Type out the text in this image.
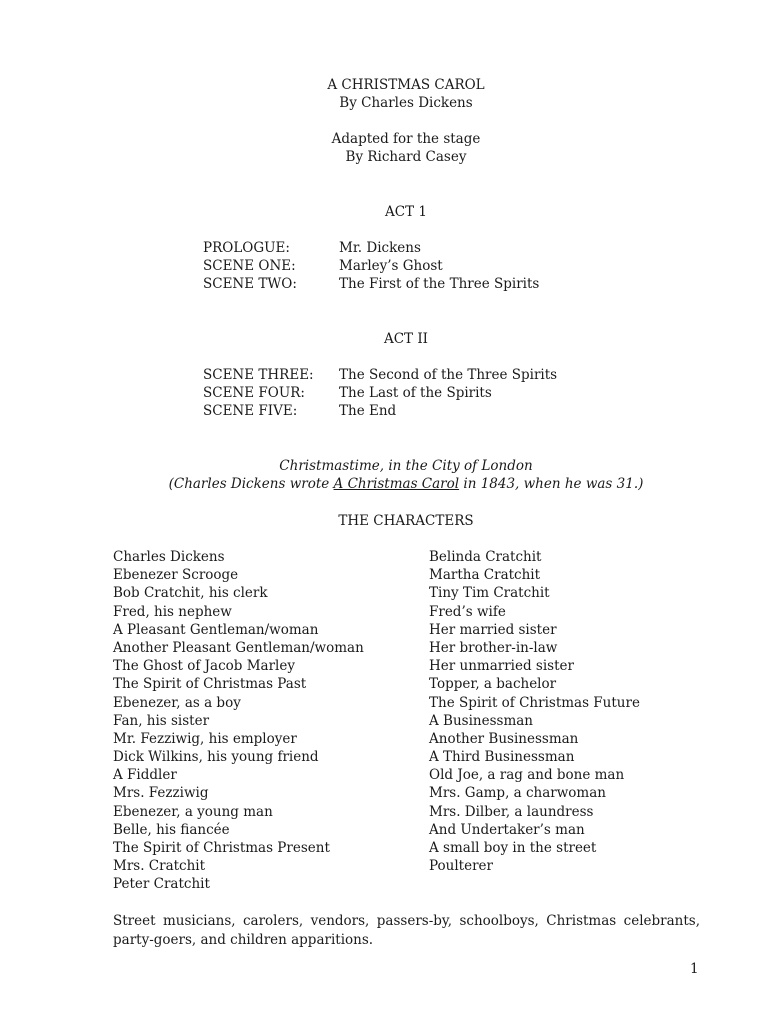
A CHRISTMAS CAROL
By Charles Dickens
Adapted for the stage
By Richard Casey
ACT 1
PROLOGUE:	Mr. Dickens
SCENE ONE:	Marley’s Ghost
SCENE TWO:	The First of the Three Spirits
ACT II
SCENE THREE: The Second of the Three Spirits
SCENE FOUR:	The Last of the Spirits
SCENE FIVE:	The End
Christmastime, in the City of London
(Charles Dickens wrote A Christmas Carol in 1843, when he was 31.)
THE CHARACTERS
Charles Dickens
Ebenezer Scrooge
Bob Cratchit, his clerk
Fred, his nephew
A Pleasant Gentleman/woman
Another Pleasant Gentleman/woman
The Ghost of Jacob Marley
The Spirit of Christmas Past
Ebenezer, as a boy
Fan, his sister
Mr. Fezziwig, his employer
Dick Wilkins, his young friend
A Fiddler
Mrs. Fezziwig
Ebenezer, a young man
Belle, his fiancée
The Spirit of Christmas Present
Mrs. Cratchit
Peter Cratchit
Belinda Cratchit
Martha Cratchit
Tiny Tim Cratchit
Fred’s wife
Her married sister
Her brother-in-law
Her unmarried sister
Topper, a bachelor
The Spirit of Christmas Future
A Businessman
Another Businessman
A Third Businessman
Old Joe, a rag and bone man
Mrs. Gamp, a charwoman
Mrs. Dilber, a laundress
And Undertaker’s man
A small boy in the street
Poulterer
Street musicians, carolers, vendors, passers-by, schoolboys, Christmas celebrants, party-goers, and children apparitions.
1
